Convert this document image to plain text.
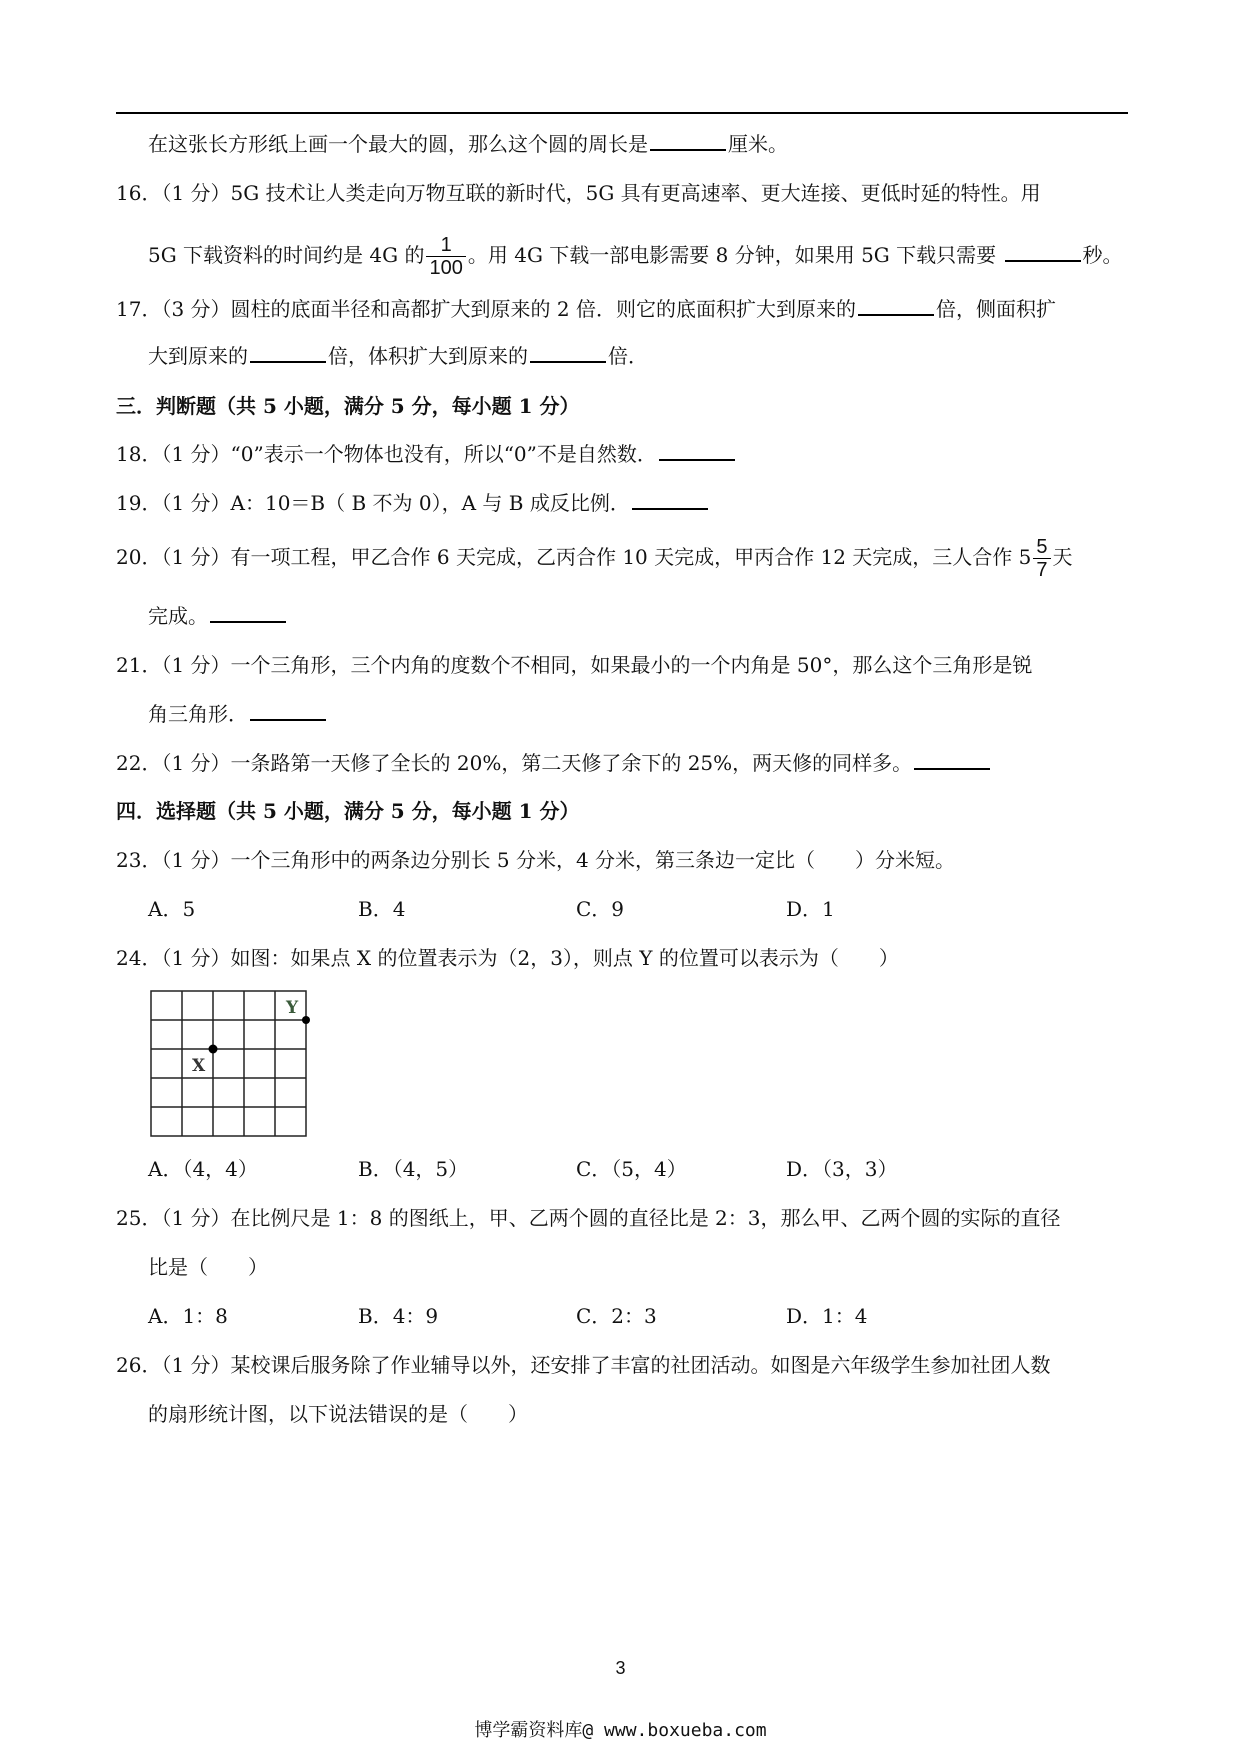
在这张长方形纸上画一个最大的圆，那么这个圆的周长是	厘米。
16．（1 分）5G 技术让人类走向万物互联的新时代，5G 具有更高速率、更大连接、更低时延的特性。用
5G 下载资料的时间约是 4G 的 $\frac{1}{100}$ 。用 4G 下载一部电影需要 8 分钟，如果用 5G 下载只需要	秒。
17．（3 分）圆柱的底面半径和高都扩大到原来的 2 倍．则它的底面积扩大到原来的	倍，侧面积扩
大到原来的	倍，体积扩大到原来的	倍．
三．判断题（共 5 小题，满分 5 分，每小题 1 分）
18．（1 分）“0”表示一个物体也没有，所以“0”不是自然数．
19．（1 分）A：10＝B（ B 不为 0），A 与 B 成反比例．
20．（1 分）有一项工程，甲乙合作 6 天完成，乙丙合作 10 天完成，甲丙合作 12 天完成，三人合作 $5 \frac{5}{7}$ 天
完成。
21．（1 分）一个三角形，三个内角的度数个不相同，如果最小的一个内角是 50°，那么这个三角形是锐
角三角形．
22．（1 分）一条路第一天修了全长的 20%，第二天修了余下的 25%，两天修的同样多。
四．选择题（共 5 小题，满分 5 分，每小题 1 分）
23．（1 分）一个三角形中的两条边分别长 5 分米，4 分米，第三条边一定比（　　）分米短。
A．5	B．4	C．9	D．1
24．（1 分）如图：如果点 X 的位置表示为（2，3），则点 Y 的位置可以表示为（　　）
X
Y
A．（4，4）	B．（4，5）	C．（5，4）	D．（3，3）
25．（1 分）在比例尺是 1：8 的图纸上，甲、乙两个圆的直径比是 2：3，那么甲、乙两个圆的实际的直径
比是（　　）
A．1：8	B．4：9	C．2：3	D．1：4
26．（1 分）某校课后服务除了作业辅导以外，还安排了丰富的社团活动。如图是六年级学生参加社团人数
的扇形统计图，以下说法错误的是（　　）
3
博学霸资料库@ www.boxueba.com
